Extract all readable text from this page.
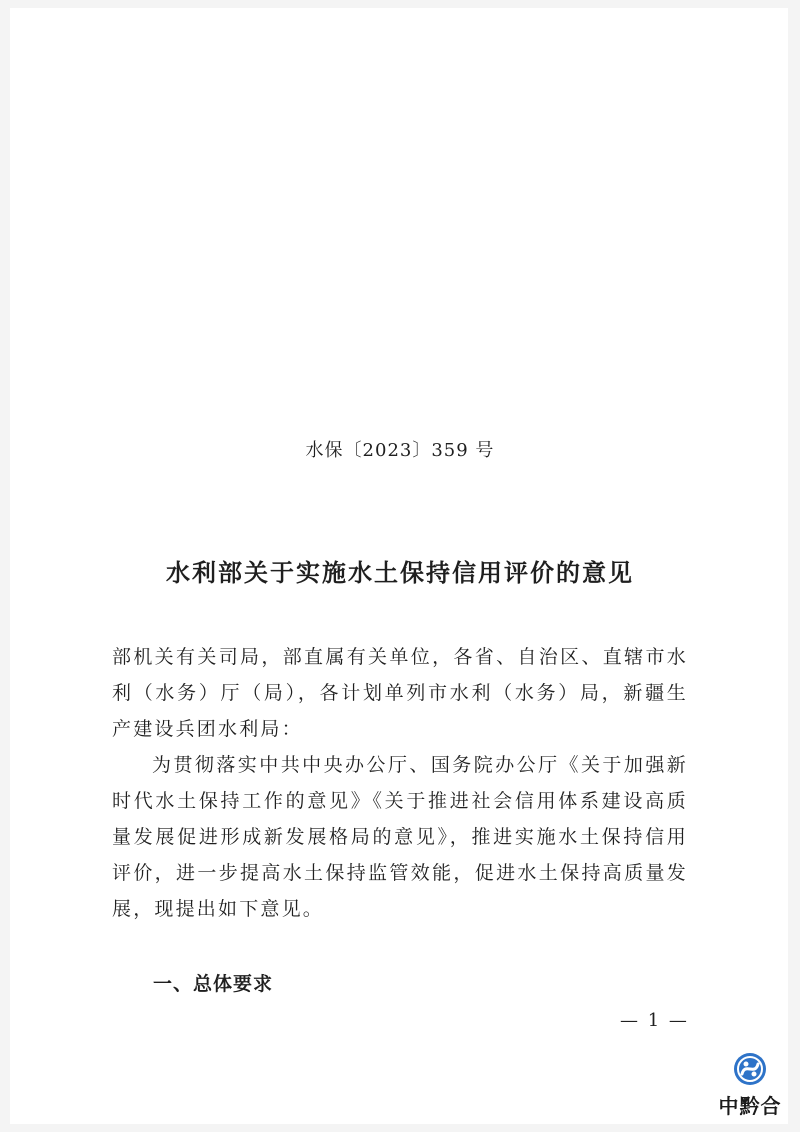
水保〔2023〕359 号
水利部关于实施水土保持信用评价的意见

部机关有关司局，部直属有关单位，各省、自治区、直辖市水利（水务）厅（局），各计划单列市水利（水务）局，新疆生产建设兵团水利局：

为贯彻落实中共中央办公厅、国务院办公厅《关于加强新时代水土保持工作的意见》《关于推进社会信用体系建设高质量发展促进形成新发展格局的意见》，推进实施水土保持信用评价，进一步提高水土保持监管效能，促进水土保持高质量发展，现提出如下意见。

一、总体要求
— 1 —
中黔合
